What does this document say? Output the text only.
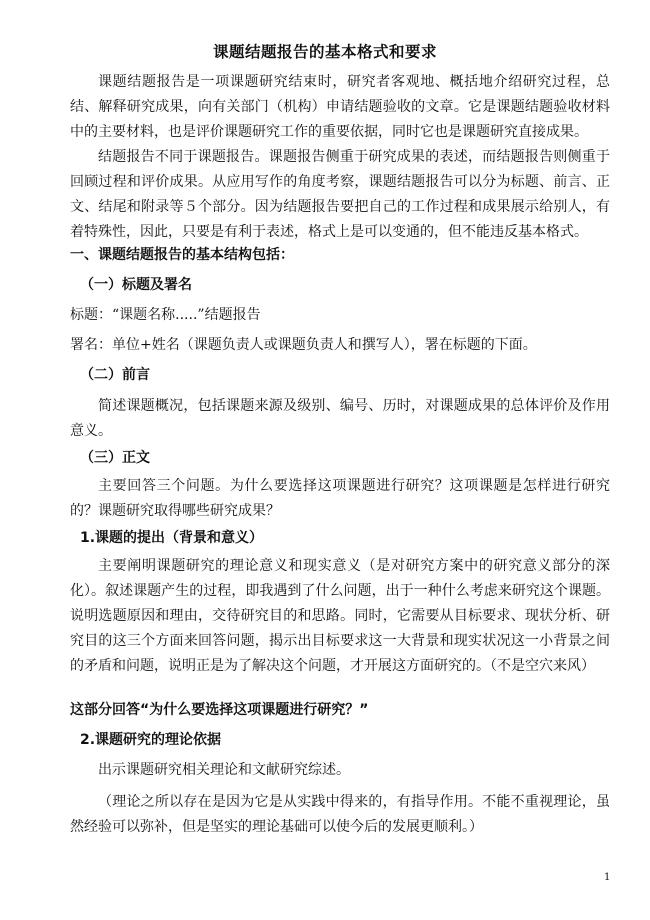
课题结题报告的基本格式和要求

课题结题报告是一项课题研究结束时，研究者客观地、概括地介绍研究过程，总结、解释研究成果，向有关部门（机构）申请结题验收的文章。它是课题结题验收材料中的主要材料，也是评价课题研究工作的重要依据，同时它也是课题研究直接成果。

结题报告不同于课题报告。课题报告侧重于研究成果的表述，而结题报告则侧重于回顾过程和评价成果。从应用写作的角度考察，课题结题报告可以分为标题、前言、正文、结尾和附录等５个部分。因为结题报告要把自己的工作过程和成果展示给别人，有着特殊性，因此，只要是有利于表述，格式上是可以变通的，但不能违反基本格式。

一、课题结题报告的基本结构包括：
（一）标题及署名

标题：“课题名称.....”结题报告

署名：单位+姓名（课题负责人或课题负责人和撰写人），署在标题的下面。

（二）前言

简述课题概况，包括课题来源及级别、编号、历时，对课题成果的总体评价及作用意义。

（三）正文

主要回答三个问题。为什么要选择这项课题进行研究？这项课题是怎样进行研究的？课题研究取得哪些研究成果？

1.课题的提出（背景和意义）

主要阐明课题研究的理论意义和现实意义（是对研究方案中的研究意义部分的深化）。叙述课题产生的过程，即我遇到了什么问题，出于一种什么考虑来研究这个课题。说明选题原因和理由，交待研究目的和思路。同时，它需要从目标要求、现状分析、研究目的这三个方面来回答问题，揭示出目标要求这一大背景和现实状况这一小背景之间的矛盾和问题，说明正是为了解决这个问题，才开展这方面研究的。（不是空穴来风）

这部分回答“为什么要选择这项课题进行研究？”
2.课题研究的理论依据

出示课题研究相关理论和文献研究综述。

（理论之所以存在是因为它是从实践中得来的，有指导作用。不能不重视理论，虽然经验可以弥补，但是坚实的理论基础可以使今后的发展更顺利。）

1
